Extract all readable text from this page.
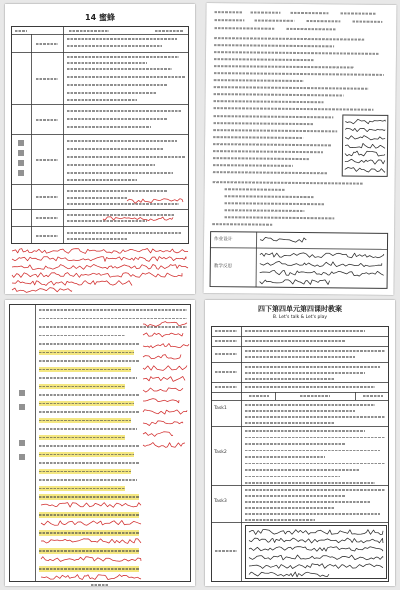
14 蜜蜂
作业设计
教学反思
四下第四单元第四课时教案
B. Let's talk & Let's play
Task1
Task2
Task3
